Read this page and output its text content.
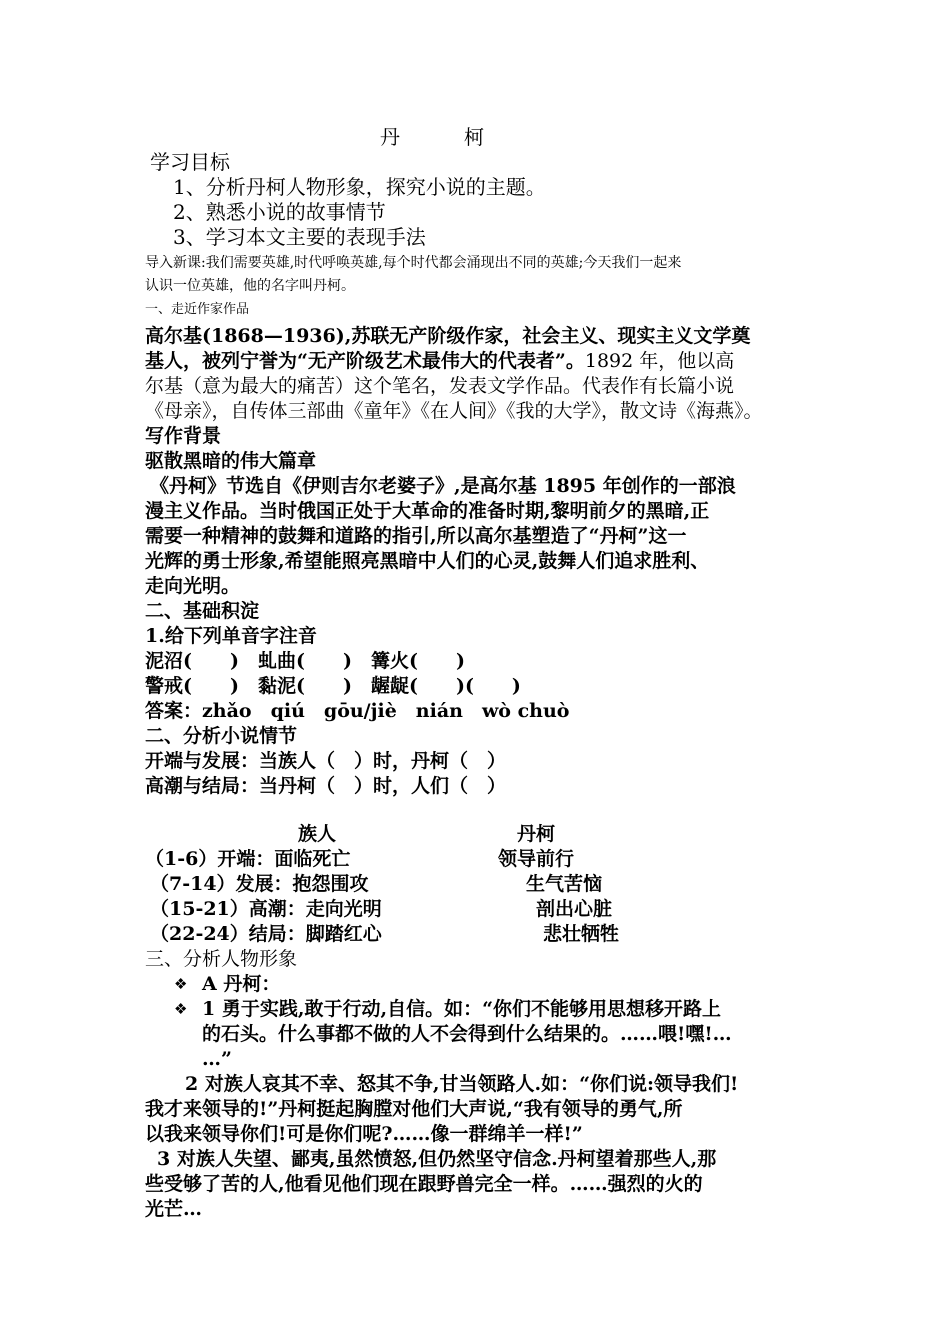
丹　柯
学习目标
1、分析丹柯人物形象，探究小说的主题。
2、熟悉小说的故事情节
3、学习本文主要的表现手法
导入新课:我们需要英雄,时代呼唤英雄,每个时代都会涌现出不同的英雄;今天我们一起来
认识一位英雄，他的名字叫丹柯。
一、走近作家作品
高尔基(1868—1936),苏联无产阶级作家，社会主义、现实主义文学奠
基人，被列宁誉为“无产阶级艺术最伟大的代表者”。1892 年，他以高
尔基（意为最大的痛苦）这个笔名，发表文学作品。代表作有长篇小说
《母亲》，自传体三部曲《童年》《在人间》《我的大学》，散文诗《海燕》。
写作背景
驱散黑暗的伟大篇章
《丹柯》节选自《伊则吉尔老婆子》,是高尔基 1895 年创作的一部浪
漫主义作品。当时俄国正处于大革命的准备时期,黎明前夕的黑暗,正
需要一种精神的鼓舞和道路的指引,所以高尔基塑造了“丹柯”这一
光辉的勇士形象,希望能照亮黑暗中人们的心灵,鼓舞人们追求胜利、
走向光明。
二、基础积淀
1.给下列单音字注音
泥沼(　　)　虬曲(　　)　篝火(　　)
警戒(　　)　黏泥(　　)　龌龊(　　)(　　)
答案：zhǎo　qiú　gōu/jiè　nián　wò chuò
二、分析小说情节
开端与发展：当族人（　）时，丹柯（　）
高潮与结局：当丹柯（　）时，人们（　）
族人	丹柯
（1-6）开端：面临死亡	领导前行
（7-14）发展：抱怨围攻	生气苦恼
（15-21）高潮：走向光明	剖出心脏
（22-24）结局：脚踏红心	悲壮牺牲
三、分析人物形象
❖ A 丹柯：
❖ 1 勇于实践,敢于行动,自信。如：“你们不能够用思想移开路上
的石头。什么事都不做的人不会得到什么结果的。……喂!嘿!…
…”
2 对族人哀其不幸、怒其不争,甘当领路人.如：“你们说:领导我们!
我才来领导的!”丹柯挺起胸膛对他们大声说,“我有领导的勇气,所
以我来领导你们!可是你们呢?……像一群绵羊一样!”
3 对族人失望、鄙夷,虽然愤怒,但仍然坚守信念.丹柯望着那些人,那
些受够了苦的人,他看见他们现在跟野兽完全一样。……强烈的火的
光芒…
